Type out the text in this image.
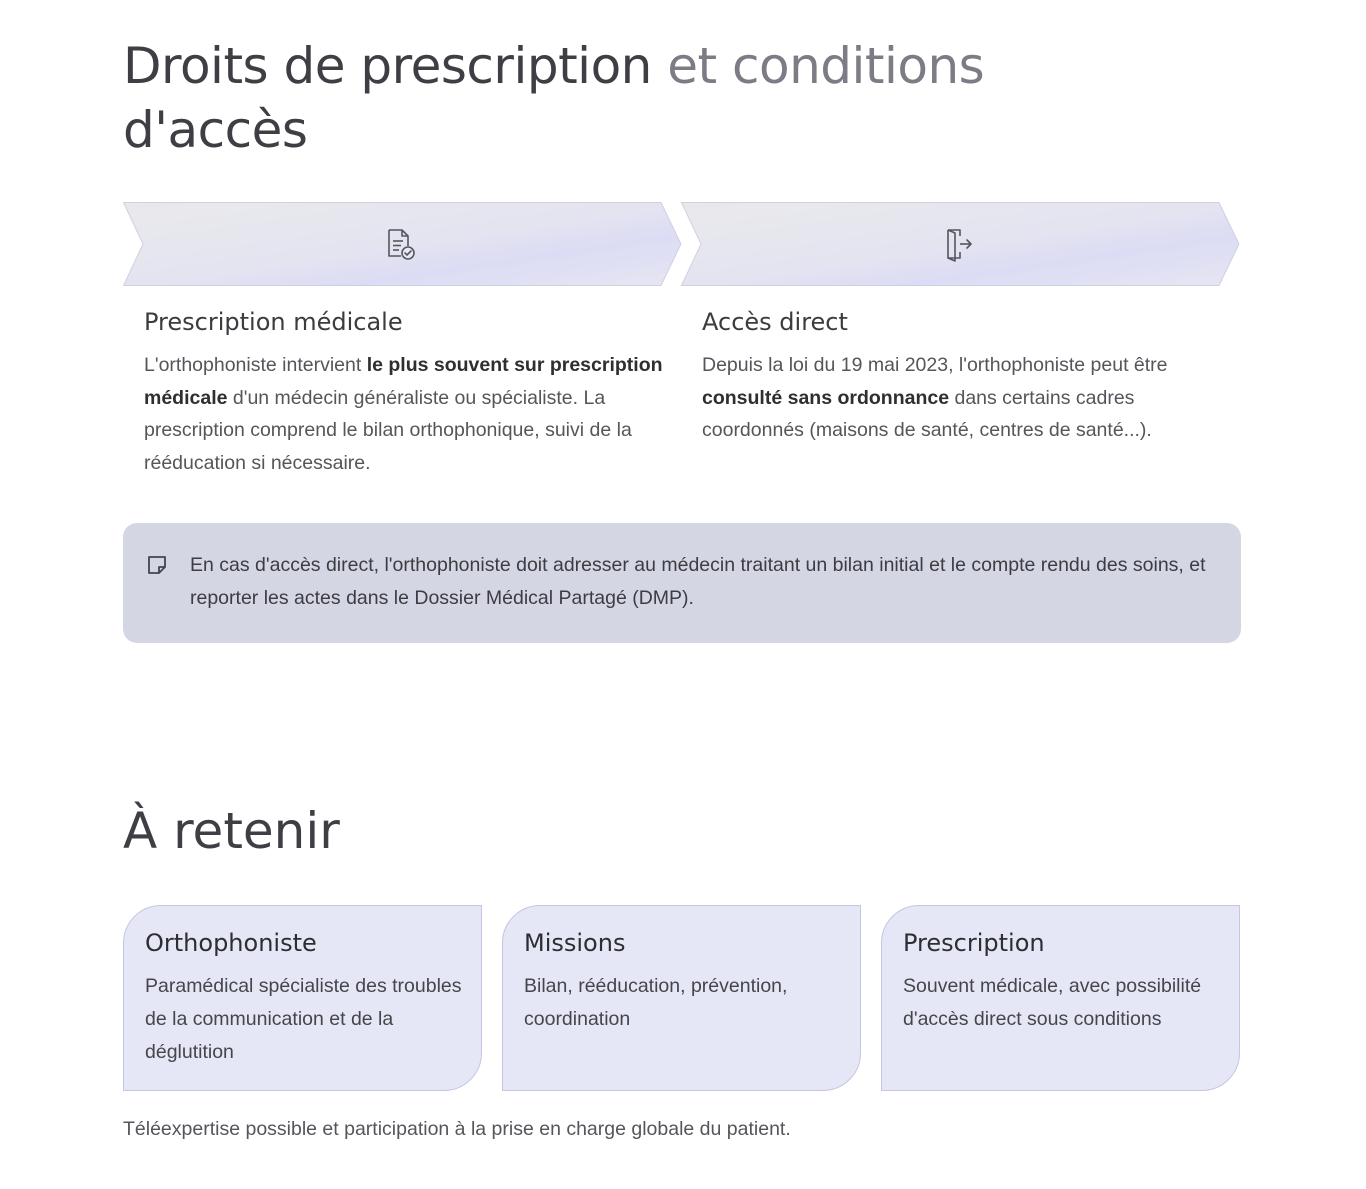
Droits de prescription et conditions
d'accès
Prescription médicale

L'orthophoniste intervient le plus souvent sur prescription médicale d'un médecin généraliste ou spécialiste. La prescription comprend le bilan orthophonique, suivi de la rééducation si nécessaire.

Accès direct

Depuis la loi du 19 mai 2023, l'orthophoniste peut être consulté sans ordonnance dans certains cadres coordonnés (maisons de santé, centres de santé...).

En cas d'accès direct, l'orthophoniste doit adresser au médecin traitant un bilan initial et le compte rendu des soins, et reporter les actes dans le Dossier Médical Partagé (DMP).
À retenir
Orthophoniste

Paramédical spécialiste des troubles de la communication et de la déglutition

Missions

Bilan, rééducation, prévention, coordination

Prescription

Souvent médicale, avec possibilité d'accès direct sous conditions

Téléexpertise possible et participation à la prise en charge globale du patient.
